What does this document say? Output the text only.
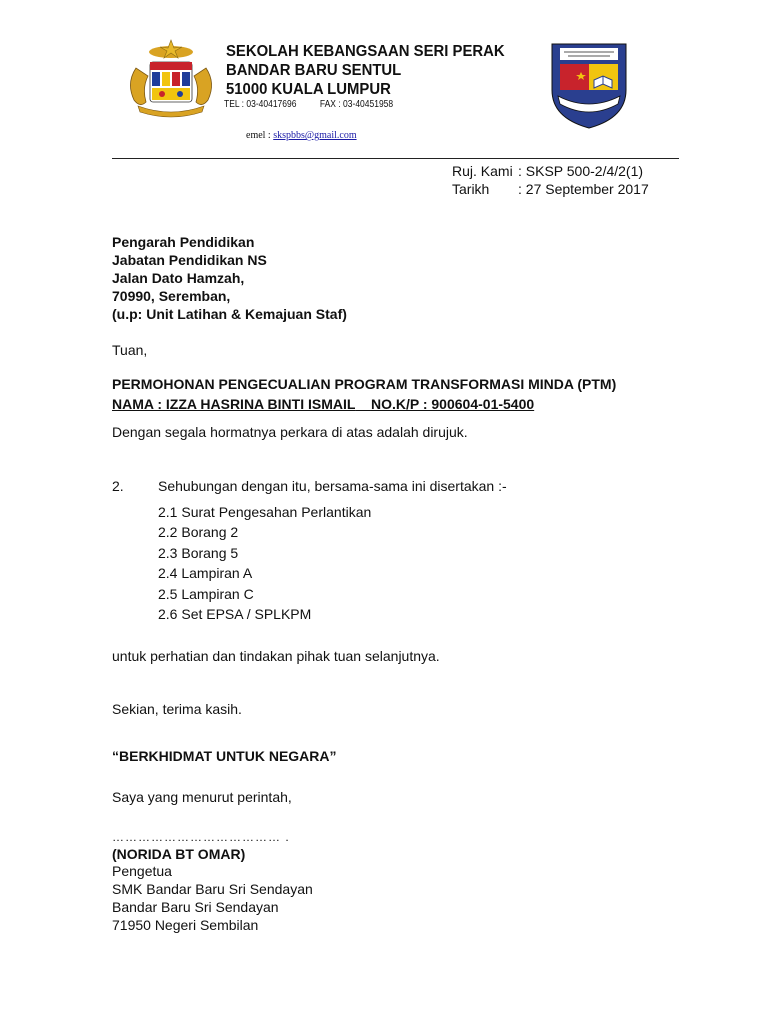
SEKOLAH KEBANGSAAN SERI PERAK
BANDAR BARU SENTUL
51000 KUALA LUMPUR
TEL : 03-40417696 FAX : 03-40451958
emel : skspbbs@gmail.com
Ruj. Kami : SKSP 500-2/4/2(1)
Tarikh : 27 September 2017
Pengarah Pendidikan
Jabatan Pendidikan NS
Jalan Dato Hamzah,
70990, Seremban,
(u.p: Unit Latihan & Kemajuan Staf)
Tuan,
PERMOHONAN PENGECUALIAN PROGRAM TRANSFORMASI MINDA (PTM)
NAMA : IZZA HASRINA BINTI ISMAIL NO.K/P : 900604-01-5400
Dengan segala hormatnya perkara di atas adalah dirujuk.
2. Sehubungan dengan itu, bersama-sama ini disertakan :-
2.1 Surat Pengesahan Perlantikan
2.2 Borang 2
2.3 Borang 5
2.4 Lampiran A
2.5 Lampiran C
2.6 Set EPSA / SPLKPM
untuk perhatian dan tindakan pihak tuan selanjutnya.
Sekian, terima kasih.
“BERKHIDMAT UNTUK NEGARA”
Saya yang menurut perintah,
………………………………… .
(NORIDA BT OMAR)
Pengetua
SMK Bandar Baru Sri Sendayan
Bandar Baru Sri Sendayan
71950 Negeri Sembilan
